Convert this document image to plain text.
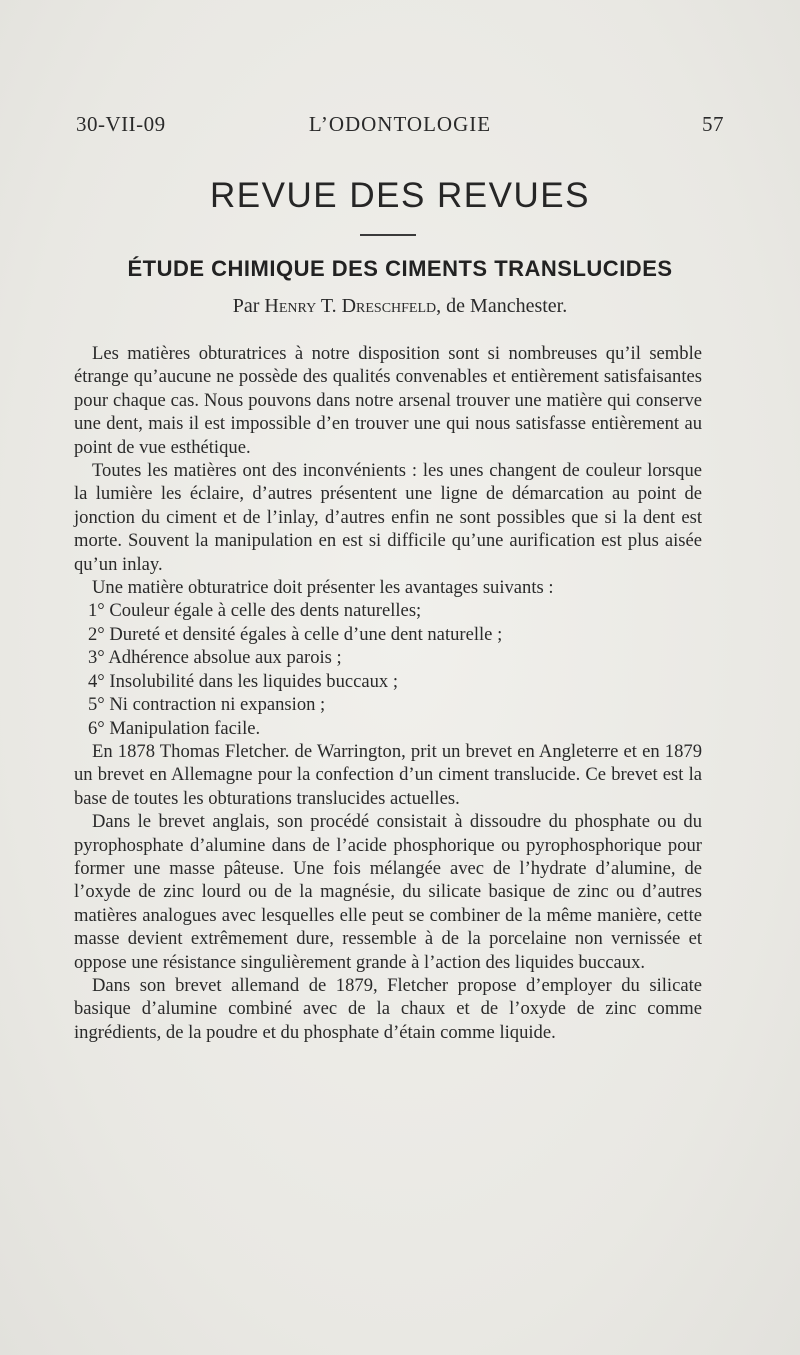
30-VII-09	L’ODONTOLOGIE	57
REVUE DES REVUES
ÉTUDE CHIMIQUE DES CIMENTS TRANSLUCIDES
Par Henry T. Dreschfeld, de Manchester.

Les matières obturatrices à notre disposition sont si nombreuses qu’il semble étrange qu’aucune ne possède des qualités convenables et entièrement satisfaisantes pour chaque cas. Nous pouvons dans notre arsenal trouver une matière qui conserve une dent, mais il est impossible d’en trouver une qui nous satisfasse entièrement au point de vue esthétique.

Toutes les matières ont des inconvénients : les unes changent de couleur lorsque la lumière les éclaire, d’autres présentent une ligne de démarcation au point de jonction du ciment et de l’inlay, d’autres enfin ne sont possibles que si la dent est morte. Souvent la manipulation en est si difficile qu’une aurification est plus aisée qu’un inlay.

Une matière obturatrice doit présenter les avantages suivants :

1° Couleur égale à celle des dents naturelles;

2° Dureté et densité égales à celle d’une dent naturelle ;

3° Adhérence absolue aux parois ;

4° Insolubilité dans les liquides buccaux ;

5° Ni contraction ni expansion ;

6° Manipulation facile.

En 1878 Thomas Fletcher. de Warrington, prit un brevet en Angleterre et en 1879 un brevet en Allemagne pour la confection d’un ciment translucide. Ce brevet est la base de toutes les obturations translucides actuelles.

Dans le brevet anglais, son procédé consistait à dissoudre du phosphate ou du pyrophosphate d’alumine dans de l’acide phosphorique ou pyrophosphorique pour former une masse pâteuse. Une fois mélangée avec de l’hydrate d’alumine, de l’oxyde de zinc lourd ou de la magnésie, du silicate basique de zinc ou d’autres matières analogues avec lesquelles elle peut se combiner de la même manière, cette masse devient extrêmement dure, ressemble à de la porcelaine non vernissée et oppose une résistance singulièrement grande à l’action des liquides buccaux.

Dans son brevet allemand de 1879, Fletcher propose d’employer du silicate basique d’alumine combiné avec de la chaux et de l’oxyde de zinc comme ingrédients, de la poudre et du phosphate d’étain comme liquide.
